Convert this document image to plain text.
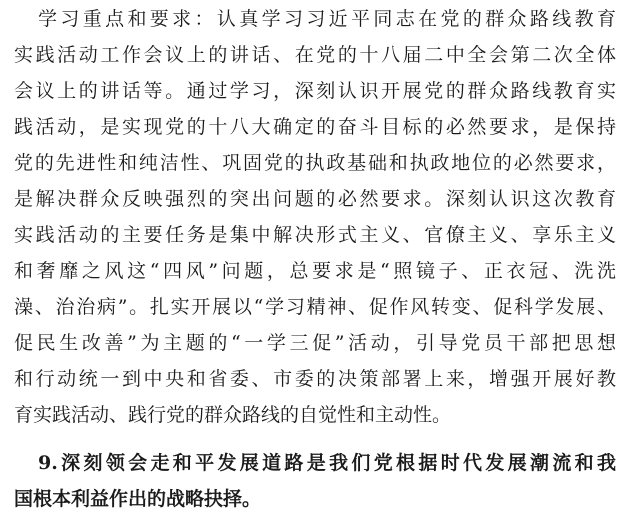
学习重点和要求：认真学习习近平同志在党的群众路线教育
实践活动工作会议上的讲话、在党的十八届二中全会第二次全体
会议上的讲话等。通过学习，深刻认识开展党的群众路线教育实
践活动，是实现党的十八大确定的奋斗目标的必然要求，是保持
党的先进性和纯洁性、巩固党的执政基础和执政地位的必然要求，
是解决群众反映强烈的突出问题的必然要求。深刻认识这次教育
实践活动的主要任务是集中解决形式主义、官僚主义、享乐主义
和奢靡之风这“四风”问题，总要求是“照镜子、正衣冠、洗洗
澡、治治病”。扎实开展以“学习精神、促作风转变、促科学发展、
促民生改善”为主题的“一学三促”活动，引导党员干部把思想
和行动统一到中央和省委、市委的决策部署上来，增强开展好教
育实践活动、践行党的群众路线的自觉性和主动性。
9.深刻领会走和平发展道路是我们党根据时代发展潮流和我
国根本利益作出的战略抉择。
